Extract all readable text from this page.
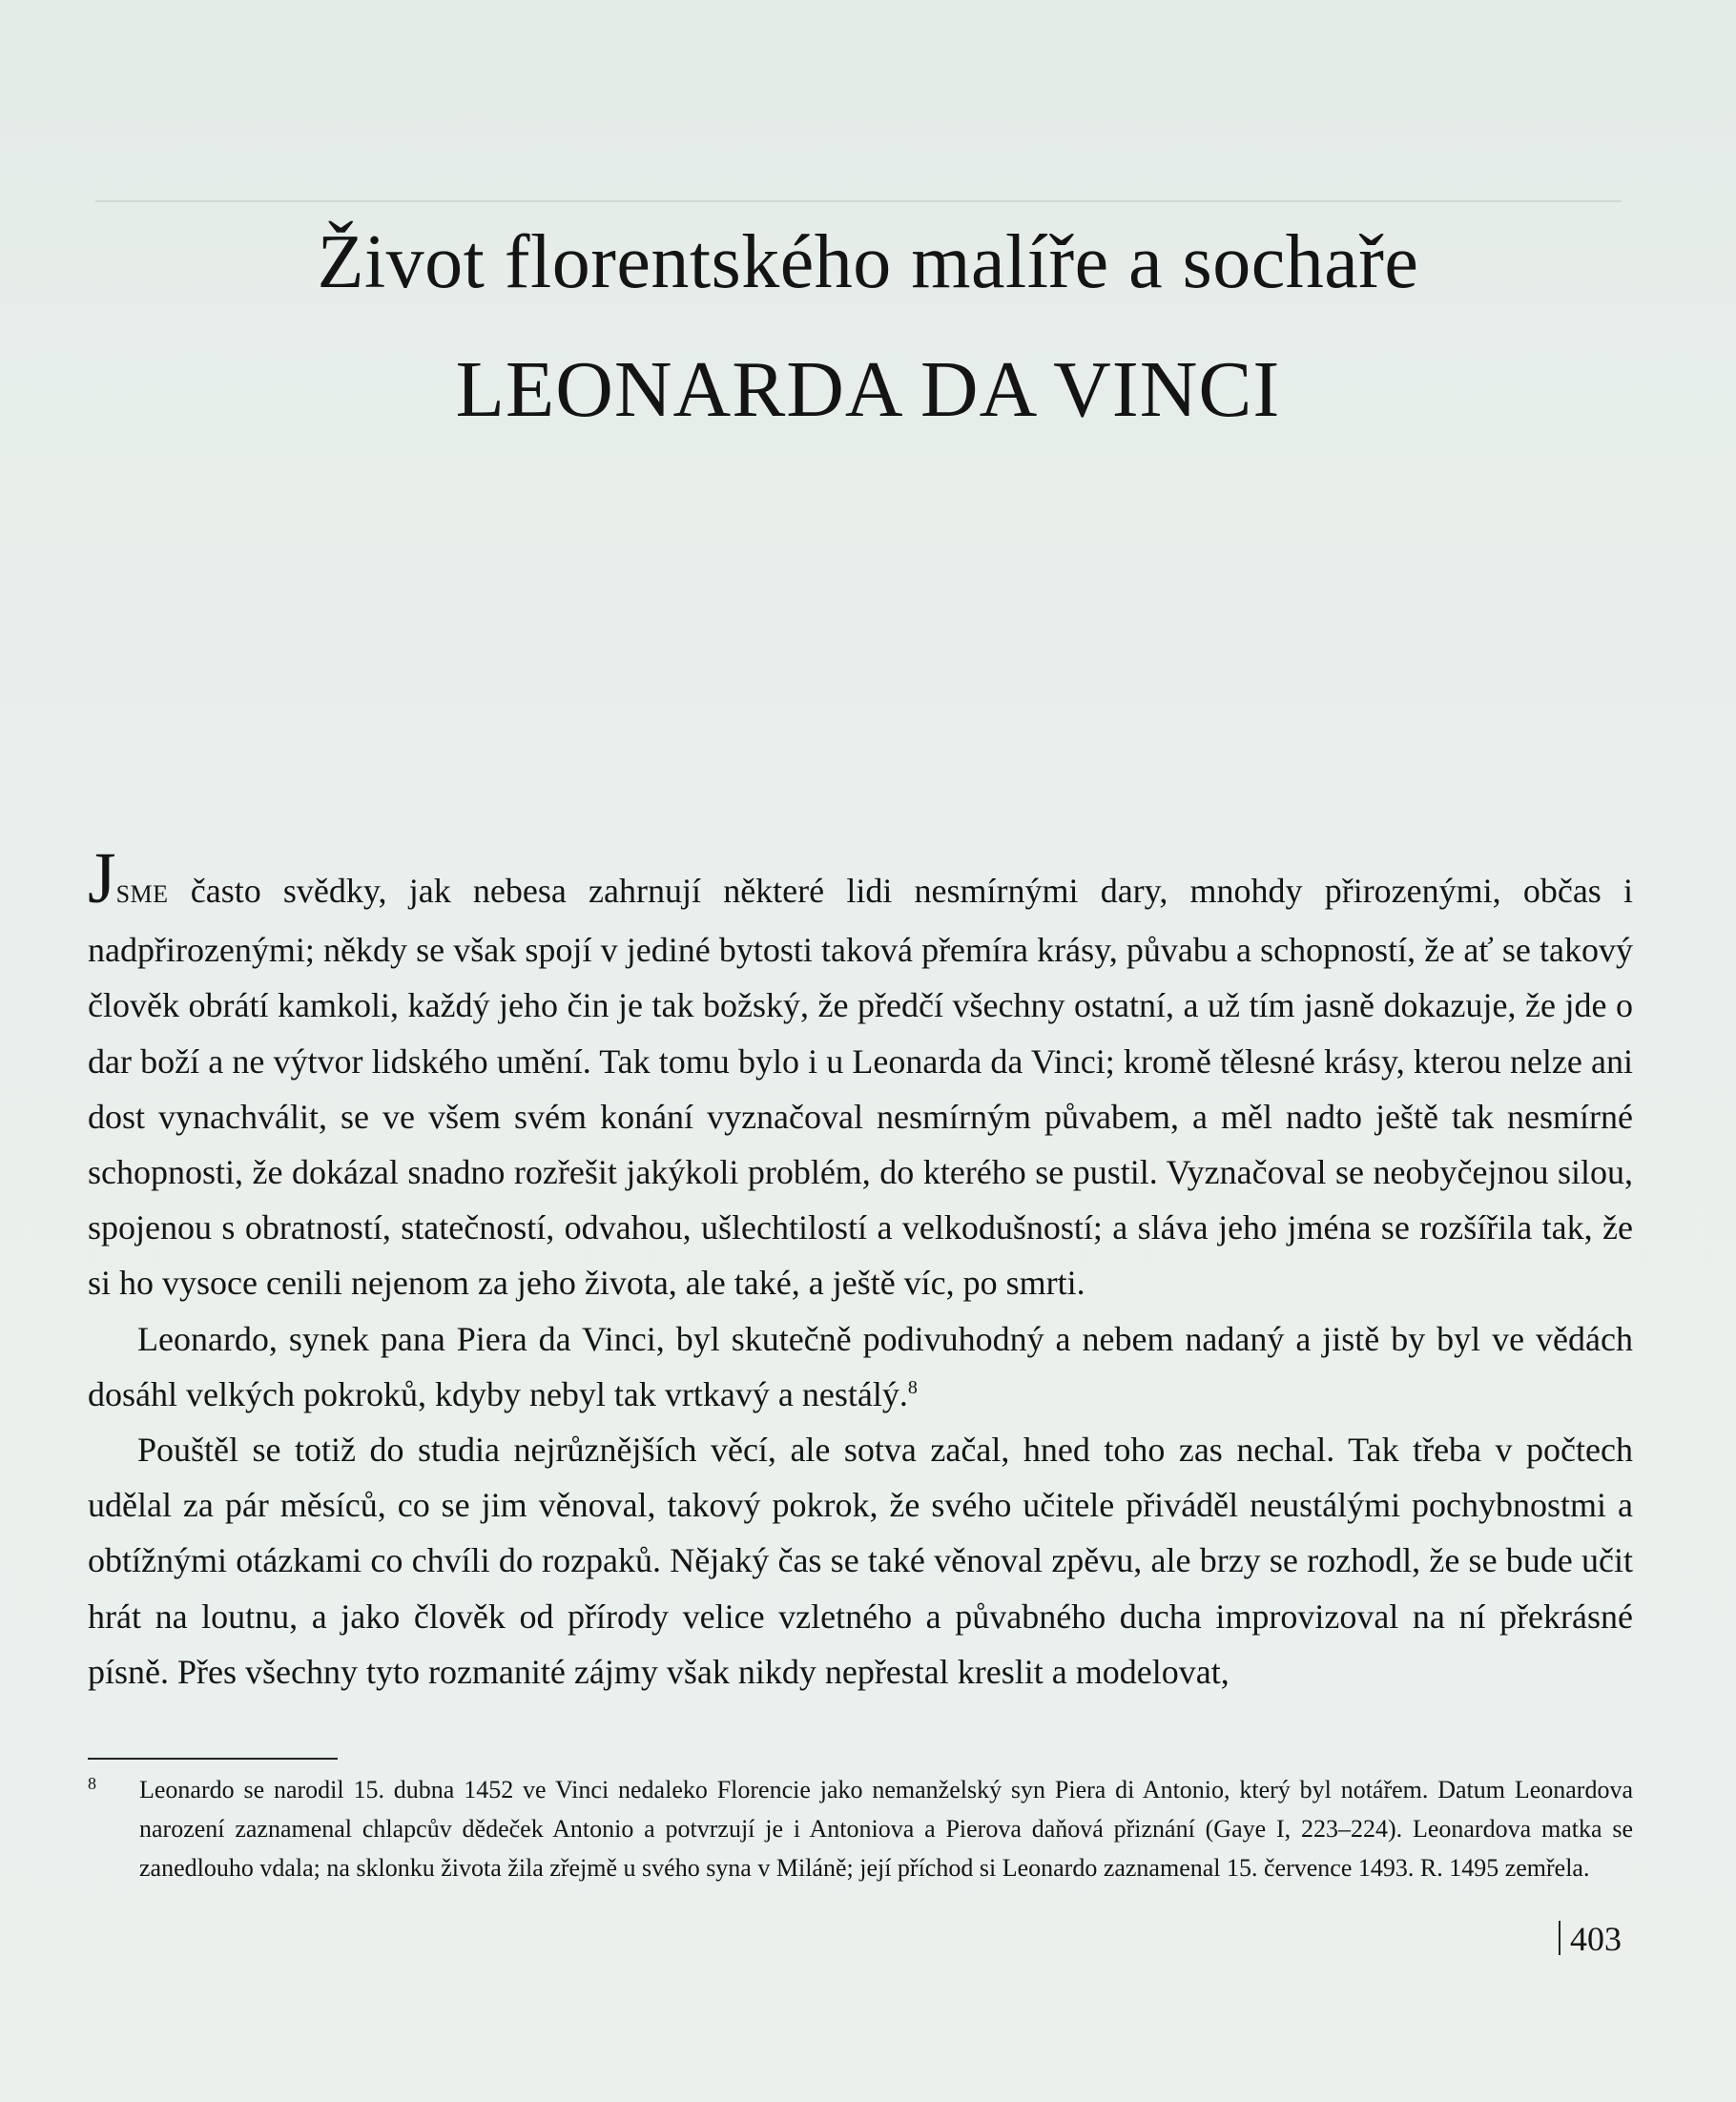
Život florentského malíře a sochaře
LEONARDA DA VINCI

JSME často svědky, jak nebesa zahrnují některé lidi nesmírnými dary, mnohdy přirozenými, občas i nadpřirozenými; někdy se však spojí v jediné bytosti taková přemíra krásy, půvabu a schopností, že ať se takový člověk obrátí kamkoli, každý jeho čin je tak božský, že předčí všechny ostatní, a už tím jasně dokazuje, že jde o dar boží a ne výtvor lidského umění. Tak tomu bylo i u Leonarda da Vinci; kromě tělesné krásy, kterou nelze ani dost vynachválit, se ve všem svém konání vyznačoval nesmírným půvabem, a měl nadto ještě tak nesmírné schopnosti, že dokázal snadno rozřešit jakýkoli problém, do kterého se pustil. Vyznačoval se neobyčejnou silou, spojenou s obratností, statečností, odvahou, ušlechtilostí a velkodušností; a sláva jeho jména se rozšířila tak, že si ho vysoce cenili nejenom za jeho života, ale také, a ještě víc, po smrti.

Leonardo, synek pana Piera da Vinci, byl skutečně podivuhodný a nebem nadaný a jistě by byl ve vědách dosáhl velkých pokroků, kdyby nebyl tak vrtkavý a nestálý.$^8$

Pouštěl se totiž do studia nejrůznějších věcí, ale sotva začal, hned toho zas nechal. Tak třeba v počtech udělal za pár měsíců, co se jim věnoval, takový pokrok, že svého učitele přiváděl neustálými pochybnostmi a obtížnými otázkami co chvíli do rozpaků. Nějaký čas se také věnoval zpěvu, ale brzy se rozhodl, že se bude učit hrát na loutnu, a jako člověk od přírody velice vzletného a půvabného ducha improvizoval na ní překrásné písně. Přes všechny tyto rozmanité zájmy však nikdy nepřestal kreslit a modelovat,

8 Leonardo se narodil 15. dubna 1452 ve Vinci nedaleko Florencie jako nemanželský syn Piera di Antonio, který byl notářem. Datum Leonardova narození zaznamenal chlapcův dědeček Antonio a potvrzují je i Antoniova a Pierova daňová přiznání (Gaye I, 223–224). Leonardova matka se zanedlouho vdala; na sklonku života žila zřejmě u svého syna v Miláně; její příchod si Leonardo zaznamenal 15. července 1493. R. 1495 zemřela.
403
